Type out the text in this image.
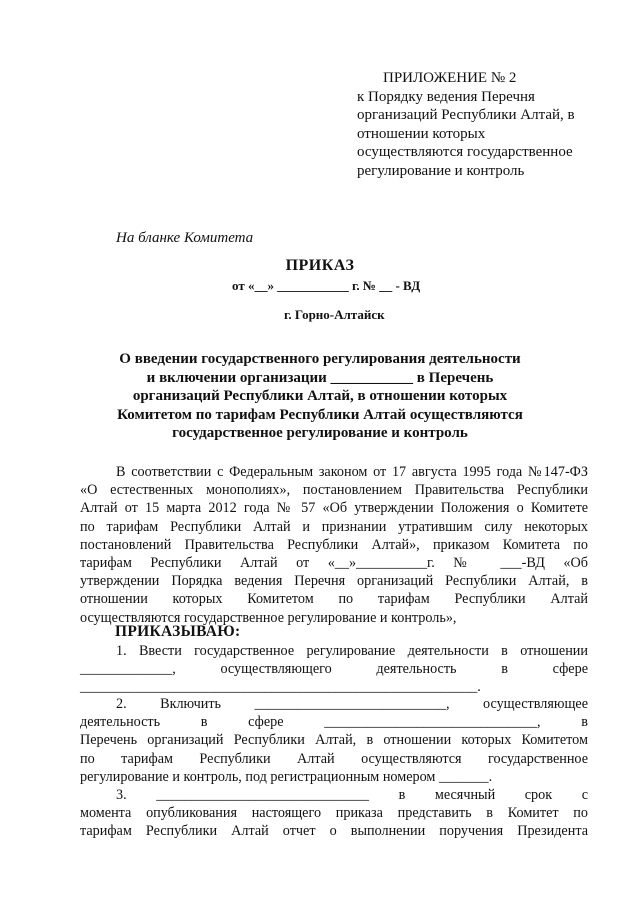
ПРИЛОЖЕНИЕ № 2
к Порядку ведения Перечня
организаций Республики Алтай, в
отношении которых
осуществляются государственное
регулирование и контроль
На бланке Комитета
ПРИКАЗ
от «__» ___________ г. № __ - ВД
г. Горно-Алтайск
О введении государственного регулирования деятельности
и включении организации ___________ в Перечень
организаций Республики Алтай, в отношении которых
Комитетом по тарифам Республики Алтай осуществляются
государственное регулирование и контроль
В соответствии с Федеральным законом от 17 августа 1995 года №147-ФЗ
«О естественных монополиях», постановлением Правительства Республики
Алтай от 15 марта 2012 года № 57 «Об утверждении Положения о Комитете
по тарифам Республики Алтай и признании утратившим силу некоторых
постановлений Правительства Республики Алтай», приказом Комитета по
тарифам Республики Алтай от «__»__________г. № ___-ВД «Об
утверждении Порядка ведения Перечня организаций Республики Алтай, в
отношении которых Комитетом по тарифам Республики Алтай
осуществляются государственное регулирование и контроль»,
ПРИКАЗЫВАЮ:
1. Ввести государственное регулирование деятельности в отношении
_____________, осуществляющего деятельность в сфере
________________________________________________________.
2. Включить ___________________________, осуществляющее
деятельность в сфере ______________________________, в
Перечень организаций Республики Алтай, в отношении которых Комитетом
по тарифам Республики Алтай осуществляются государственное
регулирование и контроль, под регистрационным номером _______.
3. ______________________________ в месячный срок с
момента опубликования настоящего приказа представить в Комитет по
тарифам Республики Алтай отчет о выполнении поручения Президента
